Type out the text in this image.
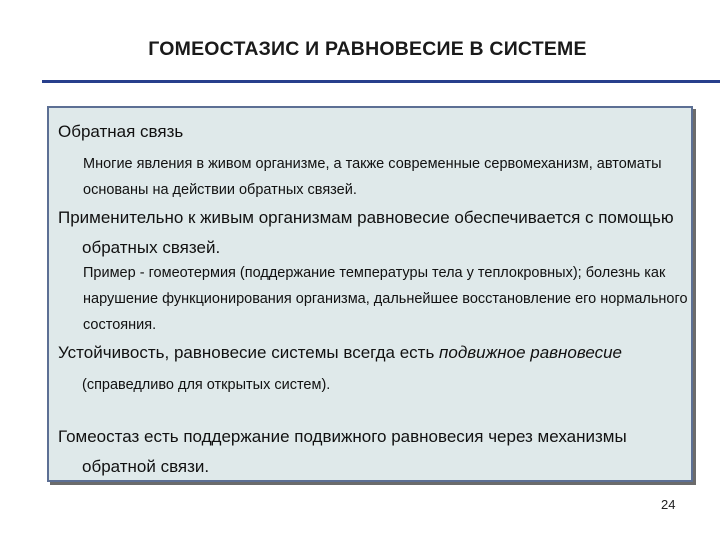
ГОМЕОСТАЗИС И РАВНОВЕСИЕ В СИСТЕМЕ

Обратная связь

Многие явления в живом организме, а также современные сервомеханизм, автоматы основаны на действии обратных связей.

Применительно к живым организмам равновесие обеспечивается с помощью обратных связей.

Пример - гомеотермия (поддержание температуры тела у теплокровных); болезнь как нарушение функционирования организма, дальнейшее восстановление его нормального состояния.

Устойчивость, равновесие системы всегда есть подвижное равновесие (справедливо для открытых систем).

Гомеостаз есть поддержание подвижного равновесия через механизмы обратной связи.

24
